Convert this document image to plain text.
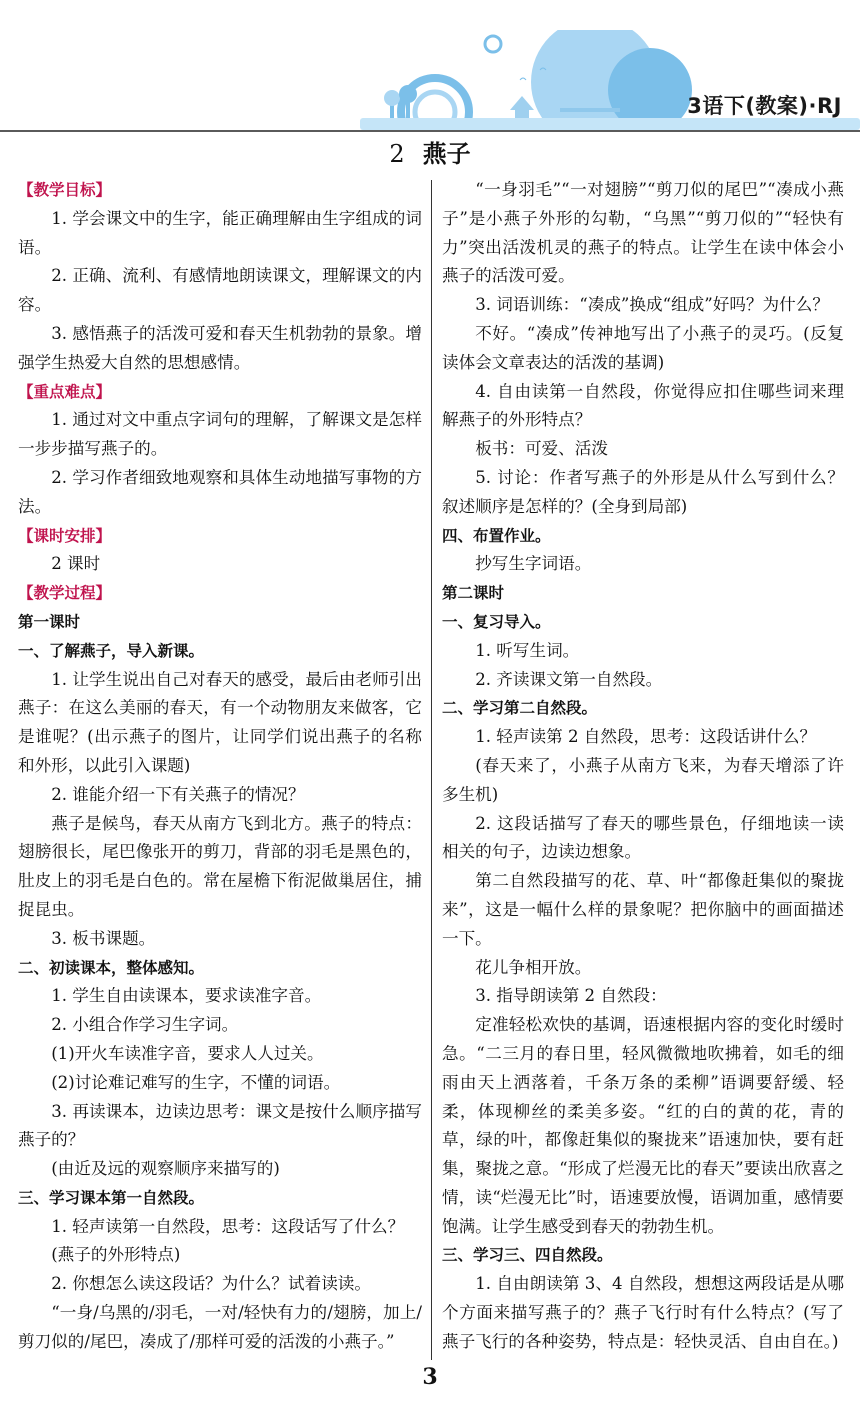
3语下(教案)·RJ
2 燕子

【教学目标】

1. 学会课文中的生字，能正确理解由生字组成的词语。

2. 正确、流利、有感情地朗读课文，理解课文的内容。

3. 感悟燕子的活泼可爱和春天生机勃勃的景象。增强学生热爱大自然的思想感情。

【重点难点】

1. 通过对文中重点字词句的理解，了解课文是怎样一步步描写燕子的。

2. 学习作者细致地观察和具体生动地描写事物的方法。

【课时安排】

2 课时

【教学过程】

第一课时

一、了解燕子，导入新课。

1. 让学生说出自己对春天的感受，最后由老师引出燕子：在这么美丽的春天，有一个动物朋友来做客，它是谁呢？(出示燕子的图片，让同学们说出燕子的名称和外形，以此引入课题)

2. 谁能介绍一下有关燕子的情况？

燕子是候鸟，春天从南方飞到北方。燕子的特点：翅膀很长，尾巴像张开的剪刀，背部的羽毛是黑色的，肚皮上的羽毛是白色的。常在屋檐下衔泥做巢居住，捕捉昆虫。

3. 板书课题。

二、初读课本，整体感知。

1. 学生自由读课本，要求读准字音。

2. 小组合作学习生字词。

(1)开火车读准字音，要求人人过关。

(2)讨论难记难写的生字，不懂的词语。

3. 再读课本，边读边思考：课文是按什么顺序描写燕子的？

(由近及远的观察顺序来描写的)

三、学习课本第一自然段。

1. 轻声读第一自然段，思考：这段话写了什么？

(燕子的外形特点)

2. 你想怎么读这段话？为什么？试着读读。

“一身/乌黑的/羽毛，一对/轻快有力的/翅膀，加上/剪刀似的/尾巴，凑成了/那样可爱的活泼的小燕子。”

“一身羽毛”“一对翅膀”“剪刀似的尾巴”“凑成小燕子”是小燕子外形的勾勒，“乌黑”“剪刀似的”“轻快有力”突出活泼机灵的燕子的特点。让学生在读中体会小燕子的活泼可爱。

3. 词语训练：“凑成”换成“组成”好吗？为什么？

不好。“凑成”传神地写出了小燕子的灵巧。(反复读体会文章表达的活泼的基调)

4. 自由读第一自然段，你觉得应扣住哪些词来理解燕子的外形特点？

板书：可爱、活泼

5. 讨论：作者写燕子的外形是从什么写到什么？叙述顺序是怎样的？(全身到局部)

四、布置作业。

抄写生字词语。

第二课时

一、复习导入。

1. 听写生词。

2. 齐读课文第一自然段。

二、学习第二自然段。

1. 轻声读第 2 自然段，思考：这段话讲什么？

(春天来了，小燕子从南方飞来，为春天增添了许多生机)

2. 这段话描写了春天的哪些景色，仔细地读一读相关的句子，边读边想象。

第二自然段描写的花、草、叶“都像赶集似的聚拢来”，这是一幅什么样的景象呢？把你脑中的画面描述一下。

花儿争相开放。

3. 指导朗读第 2 自然段：

定准轻松欢快的基调，语速根据内容的变化时缓时急。“二三月的春日里，轻风微微地吹拂着，如毛的细雨由天上洒落着，千条万条的柔柳”语调要舒缓、轻柔，体现柳丝的柔美多姿。“红的白的黄的花，青的草，绿的叶，都像赶集似的聚拢来”语速加快，要有赶集，聚拢之意。“形成了烂漫无比的春天”要读出欣喜之情，读“烂漫无比”时，语速要放慢，语调加重，感情要饱满。让学生感受到春天的勃勃生机。

三、学习三、四自然段。

1. 自由朗读第 3、4 自然段，想想这两段话是从哪个方面来描写燕子的？燕子飞行时有什么特点？(写了燕子飞行的各种姿势，特点是：轻快灵活、自由自在。)

3
